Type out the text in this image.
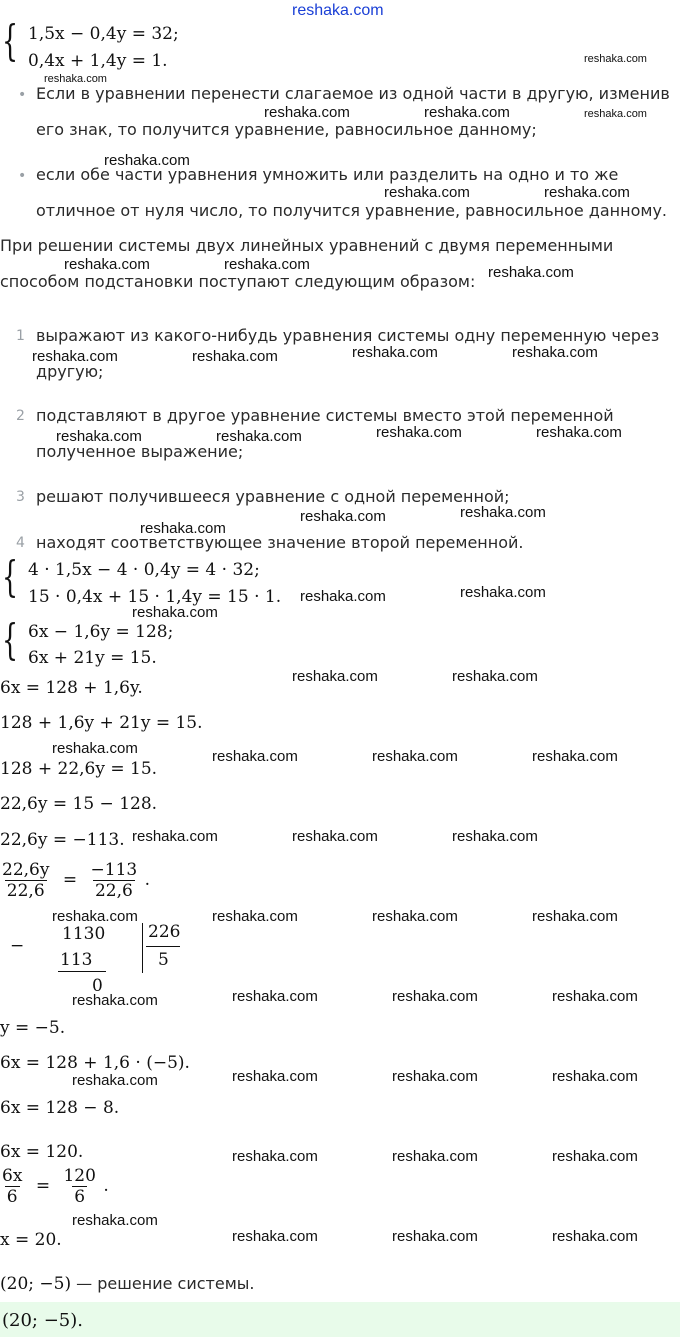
reshaka.com
{ 1,5x − 0,4y = 32;
0,4x + 1,4y = 1.	reshaka.com
reshaka.com
• Если в уравнении перенести слагаемое из одной части в другую, изменив
reshaka.com	reshaka.com	reshaka.com
его знак, то получится уравнение, равносильное данному;
reshaka.com
• если обе части уравнения умножить или разделить на одно и то же
reshaka.com	reshaka.com
отличное от нуля число, то получится уравнение, равносильное данному.
При решении системы двух линейных уравнений с двумя переменными
reshaka.com	reshaka.com
способом подстановки поступают следующим образом: reshaka.com
1 выражают из какого-нибудь уравнения системы одну переменную через
reshaka.com	reshaka.com	reshaka.com	reshaka.com
другую;
2 подставляют в другое уравнение системы вместо этой переменной
reshaka.com	reshaka.com	reshaka.com	reshaka.com
полученное выражение;
3 решают получившееся уравнение с одной переменной;
reshaka.com	reshaka.com
reshaka.com
4 находят соответствующее значение второй переменной.
{ 4 · 1,5x − 4 · 0,4y = 4 · 32;
15 · 0,4x + 15 · 1,4y = 15 · 1. reshaka.com	reshaka.com
reshaka.com
{ 6x − 1,6y = 128;
6x + 21y = 15.
6x = 128 + 1,6y.
reshaka.com	reshaka.com
128 + 1,6y + 21y = 15.
reshaka.com	reshaka.com	reshaka.com	reshaka.com
128 + 22,6y = 15.
22,6y = 15 − 128.
22,6y = −113. reshaka.com	reshaka.com	reshaka.com
$\frac{22,6y}{22,6} = \frac{-113}{22,6}$ .
reshaka.com	reshaka.com	reshaka.com	reshaka.com
−
1130
113
0
226
5
reshaka.com	reshaka.com	reshaka.com	reshaka.com
y = −5.
6x = 128 + 1,6 · (−5).
reshaka.com	reshaka.com	reshaka.com	reshaka.com
6x = 128 − 8.
6x = 120.	reshaka.com	reshaka.com	reshaka.com
$\frac{6x}{6} = \frac{120}{6}$ .
reshaka.com
reshaka.com	reshaka.com	reshaka.com
x = 20.
(20; −5) — решение системы.
(20; −5).
